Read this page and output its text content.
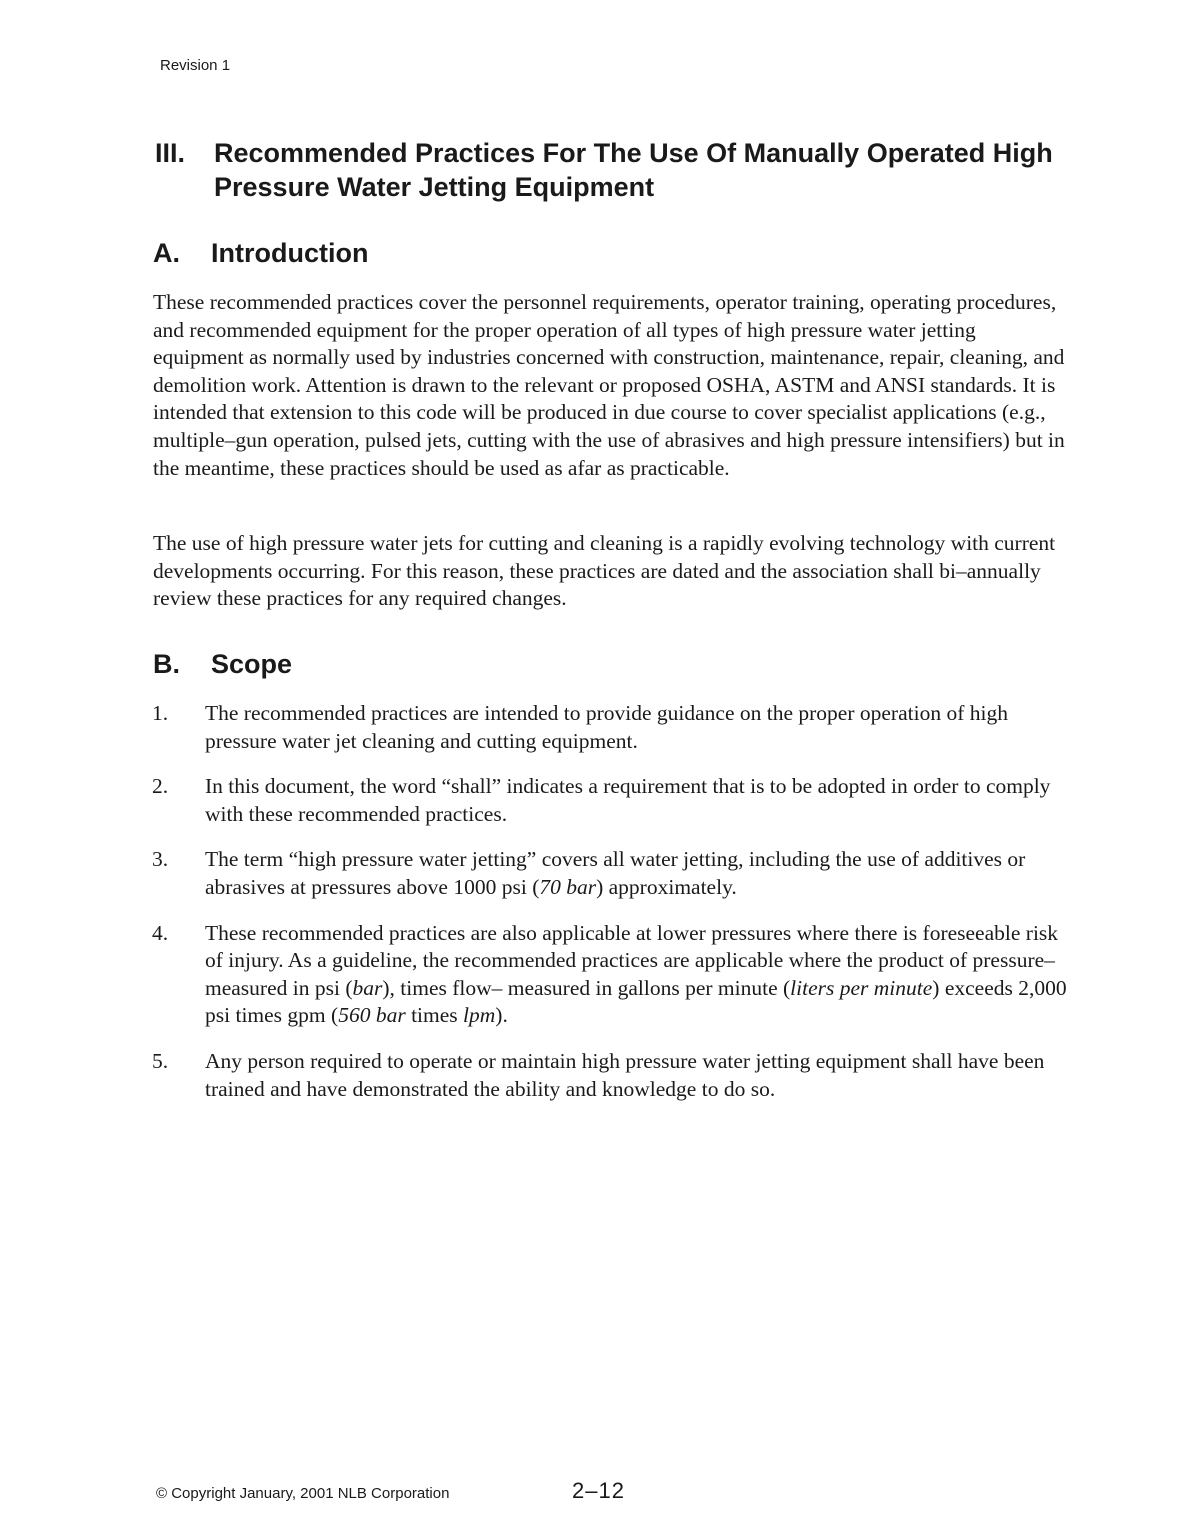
Revision 1
III. Recommended Practices For The Use Of Manually Operated High Pressure Water Jetting Equipment
A. Introduction

These recommended practices cover the personnel requirements, operator training, operating procedures, and recommended equipment for the proper operation of all types of high pressure water jetting equipment as normally used by industries concerned with construction, maintenance, repair, cleaning, and demolition work. Attention is drawn to the relevant or proposed OSHA, ASTM and ANSI standards. It is intended that extension to this code will be produced in due course to cover specialist applications (e.g., multiple–gun operation, pulsed jets, cutting with the use of abrasives and high pressure intensifiers) but in the meantime, these practices should be used as afar as practicable.

The use of high pressure water jets for cutting and cleaning is a rapidly evolving technology with current developments occurring. For this reason, these practices are dated and the association shall bi–annually review these practices for any required changes.

B. Scope
1. The recommended practices are intended to provide guidance on the proper operation of high pressure water jet cleaning and cutting equipment.
2. In this document, the word “shall” indicates a requirement that is to be adopted in order to comply with these recommended practices.
3. The term “high pressure water jetting” covers all water jetting, including the use of additives or abrasives at pressures above 1000 psi (70 bar) approximately.
4. These recommended practices are also applicable at lower pressures where there is foreseeable risk of injury. As a guideline, the recommended practices are applicable where the product of pressure– measured in psi (bar), times flow– measured in gallons per minute (liters per minute) exceeds 2,000 psi times gpm (560 bar times lpm).
5. Any person required to operate or maintain high pressure water jetting equipment shall have been trained and have demonstrated the ability and knowledge to do so.
© Copyright January, 2001 NLB Corporation	2–12
